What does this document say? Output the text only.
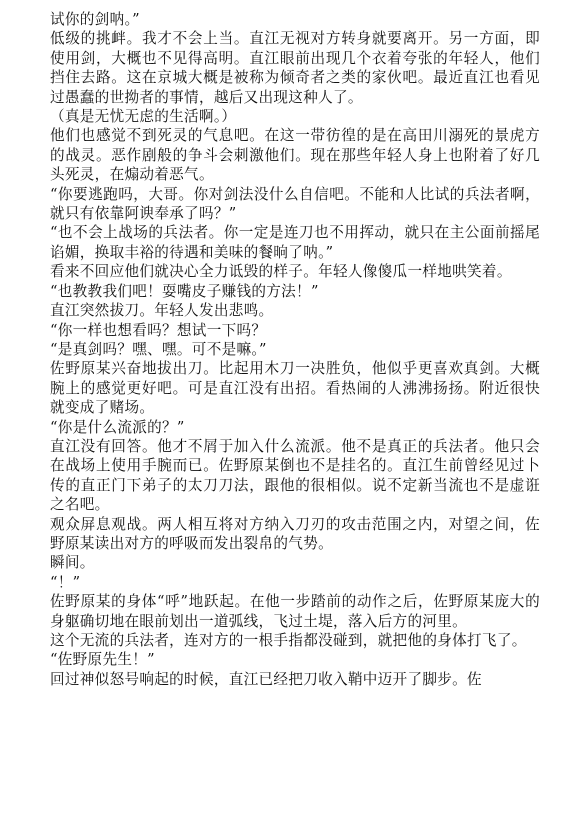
试你的剑呐。”

低级的挑衅。我才不会上当。直江无视对方转身就要离开。另一方面，即使用剑，大概也不见得高明。直江眼前出现几个衣着夸张的年轻人，他们挡住去路。这在京城大概是被称为倾奇者之类的家伙吧。最近直江也看见过愚蠢的世拗者的事情，越后又出现这种人了。

（真是无忧无虑的生活啊。）

他们也感觉不到死灵的气息吧。在这一带彷徨的是在高田川溺死的景虎方的战灵。恶作剧般的争斗会刺激他们。现在那些年轻人身上也附着了好几头死灵，在煽动着恶气。

“你要逃跑吗，大哥。你对剑法没什么自信吧。不能和人比试的兵法者啊，就只有依靠阿谀奉承了吗？”

“也不会上战场的兵法者。你一定是连刀也不用挥动，就只在主公面前摇尾谄媚，换取丰裕的待遇和美味的餐晌了呐。”

看来不回应他们就决心全力诋毁的样子。年轻人像傻瓜一样地哄笑着。

“也教教我们吧！耍嘴皮子赚钱的方法！”

直江突然拔刀。年轻人发出悲鸣。

“你一样也想看吗？想试一下吗？

“是真剑吗？嘿、嘿。可不是嘛。”

佐野原某兴奋地拔出刀。比起用木刀一决胜负，他似乎更喜欢真剑。大概腕上的感觉更好吧。可是直江没有出招。看热闹的人沸沸扬扬。附近很快就变成了赌场。

“你是什么流派的？”

直江没有回答。他才不屑于加入什么流派。他不是真正的兵法者。他只会在战场上使用手腕而已。佐野原某倒也不是挂名的。直江生前曾经见过卜传的直正门下弟子的太刀刀法，跟他的很相似。说不定新当流也不是虚诳之名吧。

观众屏息观战。两人相互将对方纳入刀刃的攻击范围之内，对望之间，佐野原某读出对方的呼吸而发出裂帛的气势。

瞬间。

“！”

佐野原某的身体“呼”地跃起。在他一步踏前的动作之后，佐野原某庞大的身躯确切地在眼前划出一道弧线，飞过土堤，落入后方的河里。

这个无流的兵法者，连对方的一根手指都没碰到，就把他的身体打飞了。

“佐野原先生！”

回过神似怒号响起的时候，直江已经把刀收入鞘中迈开了脚步。佐
